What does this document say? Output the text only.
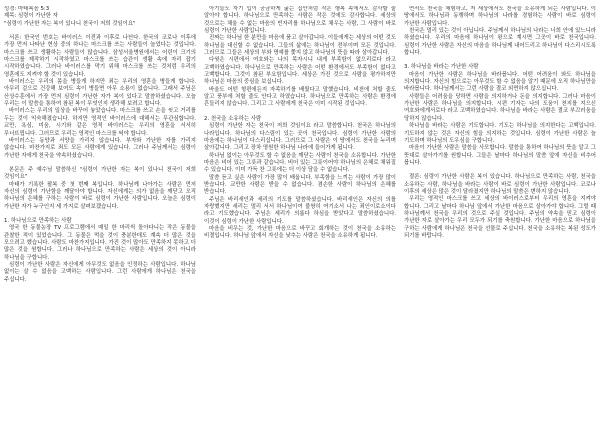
성경: 마태복음 5:3

제목: 심령이 가난한 자

"심령이 가난한 자는 복이 있나니 천국이 저희 것임이요"

서론: 한국인 번호는 바이러스 이전과 이후로 나뉜다. 한국의 코로나 이후에 가장 먼저 나타난 현상 중의 하나는 마스크를 쓰는 사람들이 늘었다는 것입니다. 마스크를 쓰고 생활하는 사람들이 많습니다. 삼성서울병원에서는 어린이 크기의 마스크를 제작하기 시작하였고 마스크를 쓰는 습관이 생활 속에 자리 잡기 시작하였습니다. 그러나 바이러스를 막기 위해 마스크를 쓰는 것처럼 우리의 영혼에도 지켜야 할 것이 있습니다.

바이러스는 우리의 몸을 병들게 하지만 죄는 우리의 영혼을 병들게 합니다. 아무리 겉으로 건강해 보여도 속이 병들면 아무 소용이 없습니다. 그래서 주님은 산상수훈에서 가장 먼저 심령이 가난한 자가 복이 있다고 말씀하셨습니다. 오늘 우리는 이 말씀을 통하여 참된 복이 무엇인지 생각해 보려고 합니다.

바이러스는 우리의 일상을 바꾸어 놓았습니다. 마스크를 쓰고 손을 씻고 거리를 두는 것이 익숙해졌습니다. 하지만 영적인 바이러스에 대해서는 무관심합니다. 교만, 욕심, 미움, 시기와 같은 영적 바이러스는 우리의 영혼을 서서히 무너뜨립니다. 그러므로 우리는 영적인 마스크를 써야 합니다.

바이러스는 동양과 서양을 가리지 않습니다. 부자와 가난한 자를 가리지 않습니다. 마찬가지로 죄도 모든 사람에게 있습니다. 그러나 주님께서는 심령이 가난한 자에게 천국을 약속하셨습니다.

본문은 주 예수님 말씀하신 "심령이 가난한 자는 복이 있나니 천국이 저희 것임이요"

마태가 기록한 팔복 중 첫 번째 복입니다. 하나님께 나아가는 사람은 먼저 자신의 심령이 가난함을 깨달아야 합니다. 자신에게는 의가 없음을 깨닫고 오직 하나님의 은혜를 구하는 사람이 바로 심령이 가난한 사람입니다. 오늘은 심령이 가난한 자가 누구인지 세 가지로 살펴보겠습니다.

1. 하나님으로 만족하는 사람

영국 한 동물농장 TV 프로그램에서 매일 한 마리씩 돌아다니는 작은 동물을 관찰한 적이 있었습니다. 그 동물은 먹을 것이 충분한데도 계속 더 많은 것을 모으려고 했습니다. 사람도 마찬가지입니다. 가진 것이 많아도 만족하지 못하고 더 많은 것을 원합니다. 그러나 하나님으로 만족하는 사람은 세상의 것이 아니라 하나님을 구합니다.

심령이 가난한 사람은 자신에게 아무것도 없음을 인정하는 사람입니다. 하나님 없이는 살 수 없음을 고백하는 사람입니다. 그런 사람에게 하나님은 천국을 주십니다.

아기들도 자기 입이 궁금하게 굶는 집안처럼 작은 행복 속에서도 감사할 줄 알아야 합니다. 하나님으로 만족하는 사람은 작은 것에도 감사합니다. 세상의 것으로는 채울 수 없는 마음의 빈자리를 하나님으로 채우는 사람, 그 사람이 바로 심령이 가난한 사람입니다.

진짜는 하나님 한 분만을 마음에 품고 살아갑니다. 이들에게는 세상의 어떤 것도 하나님을 대신할 수 없습니다. 그들의 삶에는 하나님이 전부이며 모든 것입니다. 그러므로 그들은 세상의 부와 명예를 쫓지 않고 하나님의 뜻을 따라 살아갑니다.

다윗은 시편에서 여호와는 나의 목자시니 내게 부족함이 없으리로다 라고 고백하였습니다. 하나님으로 만족하는 사람은 어떤 환경에서도 부족함이 없다고 고백합니다. 그것이 참된 부요함입니다. 세상은 가진 것으로 사람을 평가하지만 하나님은 마음의 중심을 보십니다.

바울도 어떤 형편에든지 자족하기를 배웠다고 말했습니다. 비천에 처할 줄도 알고 풍부에 처할 줄도 안다고 하였습니다. 하나님으로 만족하는 사람은 환경에 흔들리지 않습니다. 그리고 그 사람에게 천국은 이미 시작된 것입니다.

2. 천국을 소유하는 사람

심령이 가난한 자는 천국이 저희 것임이요 라고 말씀합니다. 천국은 하나님의 나라입니다. 하나님의 다스림이 있는 곳이 천국입니다. 심령이 가난한 사람의 마음에는 하나님이 다스리십니다. 그러므로 그 사람은 이 땅에서도 천국을 누리며 살아갑니다. 그리고 장차 영원한 하나님 나라에 들어가게 됩니다.

하나님 없이는 아무것도 할 수 없음을 깨닫는 사람이 천국을 소유합니다. 가난한 마음은 비어 있는 그릇과 같습니다. 비어 있는 그릇이어야 하나님의 은혜로 채워질 수 있습니다. 이미 가득 찬 그릇에는 더 이상 담을 수 없습니다.

말씀 듣고 싶은 사람이 가장 많이 배웁니다. 부족함을 느끼는 사람이 가장 많이 받습니다. 교만한 사람은 받을 수 없습니다. 겸손한 사람이 하나님의 은혜를 받습니다.

주님은 바리새인과 세리의 기도를 말씀하셨습니다. 바리새인은 자신의 의를 자랑했지만 세리는 멀리 서서 하나님이여 불쌍히 여기소서 나는 죄인이로소이다 라고 기도했습니다. 주님은 세리가 의롭다 하심을 받았다고 말씀하셨습니다. 이것이 심령이 가난한 사람입니다.

마음을 비우는 것, 가난한 마음으로 바꾸고 회개하는 것이 천국을 소유하는 비결입니다. 하나님 앞에서 자신을 낮추는 사람은 천국을 소유하게 됩니다.

면서도 천국을 체험하고, 저 세상에서도 천국을 소유하게 되는 사람입니다. 이 땅에서도 하나님과 동행하며 하나님의 나라를 경험하는 사람이 바로 심령이 가난한 사람입니다.

천국은 멀리 있는 것이 아닙니다. 주님께서 하나님의 나라는 너희 안에 있느니라 하셨습니다. 우리의 마음에 하나님이 왕으로 계시면 그곳이 바로 천국입니다. 심령이 가난한 사람은 자신의 마음을 하나님께 내어드리고 하나님이 다스리시도록 합니다.

3. 하나님을 바라는 가난한 사람

마음이 가난한 사람은 하나님을 바라봅니다. 어떤 어려움이 와도 하나님을 의지합니다. 자신의 힘으로는 아무것도 할 수 없음을 알기 때문에 오직 하나님만을 바라봅니다. 하나님께서는 그런 사람을 결코 외면하지 않으십니다.

사람들은 어려움을 당하면 사람을 의지하거나 돈을 의지합니다. 그러나 마음이 가난한 사람은 하나님을 의지합니다. 시편 기자는 나의 도움이 천지를 지으신 여호와에게서로다 라고 고백하였습니다. 하나님을 바라는 사람은 결코 부끄러움을 당하지 않습니다.

하나님을 바라는 사람은 기도합니다. 기도는 하나님을 의지한다는 고백입니다. 기도하지 않는 것은 자신의 힘을 의지하는 것입니다. 심령이 가난한 사람은 늘 기도하며 하나님의 도우심을 구합니다.

마음이 가난한 사람은 말씀을 사모합니다. 말씀을 통하여 하나님의 뜻을 알고 그 뜻대로 살아가기를 원합니다. 그들은 날마다 하나님의 말씀 앞에 자신을 비추어 봅니다.

결론: 심령이 가난한 사람은 복이 있습니다. 하나님으로 만족하는 사람, 천국을 소유하는 사람, 하나님을 바라는 사람이 바로 심령이 가난한 사람입니다. 코로나 이후의 세상은 많은 것이 달라졌지만 하나님의 말씀은 변하지 않습니다.

우리는 영적인 마스크를 쓰고 세상의 바이러스로부터 우리의 영혼을 지켜야 합니다. 그리고 날마다 하나님 앞에서 가난한 마음으로 살아가야 합니다. 그럴 때 하나님께서 천국을 우리의 것으로 주실 것입니다. 주님의 약속을 믿고 심령이 가난한 자로 살아가는 우리 모두가 되기를 축원합니다. 가난한 마음으로 하나님을 구하는 사람에게 하나님은 천국을 선물로 주십니다. 천국을 소유하는 복된 성도가 되기를 바랍니다.
